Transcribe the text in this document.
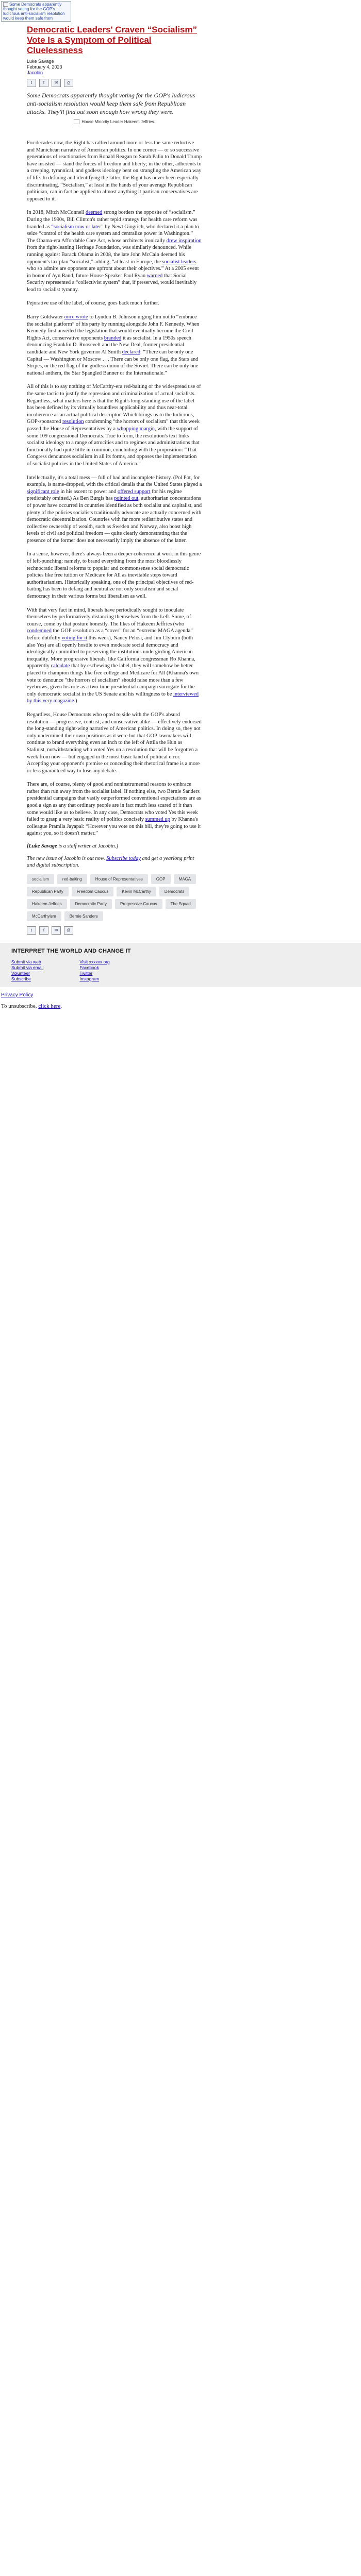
Some Democrats apparently thought voting for the GOP's ludicrous anti-socialism resolution would keep them safe from
Democratic Leaders' Craven “Socialism” Vote Is a Symptom of Political Cluelessness
Luke Savage
February 4, 2023
Jacobin
t	f	✉	⎙
Some Democrats apparently thought voting for the GOP's ludicrous anti-socialism resolution would keep them safe from Republican attacks. They'll find out soon enough how wrong they were.
House Minority Leader Hakeem Jeffries.

For decades now, the Right has rallied around more or less the same reductive and Manichean narrative of American politics. In one corner — or so successive generations of reactionaries from Ronald Reagan to Sarah Palin to Donald Trump have insisted — stand the forces of freedom and liberty; in the other, adherents to a creeping, tyrannical, and godless ideology bent on strangling the American way of life. In defining and identifying the latter, the Right has never been especially discriminating. “Socialism,” at least in the hands of your average Republican politician, can in fact be applied to almost anything it partisan conservatives are opposed to it.

In 2018, Mitch McConnell deemed strong borders the opposite of “socialism.” During the 1990s, Bill Clinton's rather tepid strategy for health care reform was branded as “socialism now or later” by Newt Gingrich, who declared it a plan to seize “control of the health care system and centralize power in Washington.” The Obama-era Affordable Care Act, whose architects ironically drew inspiration from the right-leaning Heritage Foundation, was similarly denounced. While running against Barack Obama in 2008, the late John McCain deemed his opponent's tax plan “socialist,” adding, “at least in Europe, the socialist leaders who so admire are opponent are upfront about their objectives.” At a 2005 event in honor of Ayn Rand, future House Speaker Paul Ryan warned that Social Security represented a “collectivist system” that, if preserved, would inevitably lead to socialist tyranny.

Pejorative use of the label, of course, goes back much further.

Barry Goldwater once wrote to Lyndon B. Johnson urging him not to “embrace the socialist platform” of his party by running alongside John F. Kennedy. When Kennedy first unveiled the legislation that would eventually become the Civil Rights Act, conservative opponents branded it as socialist. In a 1950s speech denouncing Franklin D. Roosevelt and the New Deal, former presidential candidate and New York governor Al Smith declared: “There can be only one Capital — Washington or Moscow . . . There can be only one flag, the Stars and Stripes, or the red flag of the godless union of the Soviet. There can be only one national anthem, the Star Spangled Banner or the Internationale.”

All of this is to say nothing of McCarthy-era red-baiting or the widespread use of the same tactic to justify the repression and criminalization of actual socialists. Regardless, what matters here is that the Right's long-standing use of the label has been defined by its virtually boundless applicability and thus near-total incoherence as an actual political descriptor. Which brings us to the ludicrous, GOP-sponsored resolution condemning “the horrors of socialism” that this week passed the House of Representatives by a whopping margin, with the support of some 109 congressional Democrats. True to form, the resolution's text links socialist ideology to a range of atrocities and to regimes and administrations that functionally had quite little in common, concluding with the proposition: “That Congress denounces socialism in all its forms, and opposes the implementation of socialist policies in the United States of America.”

Intellectually, it's a total mess — full of bad and incomplete history. (Pol Pot, for example, is name-dropped, with the critical details that the United States played a significant role in his ascent to power and offered support for his regime predictably omitted.) As Ben Burgis has pointed out, authoritarian concentrations of power have occurred in countries identified as both socialist and capitalist, and plenty of the policies socialists traditionally advocate are actually concerned with democratic decentralization. Countries with far more redistributive states and collective ownership of wealth, such as Sweden and Norway, also boast high levels of civil and political freedom — quite clearly demonstrating that the presence of the former does not necessarily imply the absence of the latter.

In a sense, however, there's always been a deeper coherence at work in this genre of left-punching: namely, to brand everything from the most bloodlessly technocratic liberal reforms to popular and commonsense social democratic policies like free tuition or Medicare for All as inevitable steps toward authoritarianism. Historically speaking, one of the principal objectives of red-baiting has been to defang and neutralize not only socialism and social democracy in their various forms but liberalism as well.

With that very fact in mind, liberals have periodically sought to inoculate themselves by performatively distancing themselves from the Left. Some, of course, come by that posture honestly. The likes of Hakeem Jeffries (who condemned the GOP resolution as a “cover” for an “extreme MAGA agenda” before dutifully voting for it this week), Nancy Pelosi, and Jim Clyburn (both also Yes) are all openly hostile to even moderate social democracy and ideologically committed to preserving the institutions undergirding American inequality. More progressive liberals, like California congressman Ro Khanna, apparently calculate that by eschewing the label, they will somehow be better placed to champion things like free college and Medicare for All (Khanna's own vote to denounce “the horrors of socialism” should raise more than a few eyebrows, given his role as a two-time presidential campaign surrogate for the only democratic socialist in the US Senate and his willingness to be interviewed by this very magazine.)

Regardless, House Democrats who opted to side with the GOP's absurd resolution — progressive, centrist, and conservative alike — effectively endorsed the long-standing right-wing narrative of American politics. In doing so, they not only undermined their own positions as it were but that GOP lawmakers will continue to brand everything even an inch to the left of Attila the Hun as Stalinist, notwithstanding who voted Yes on a resolution that will be forgotten a week from now — but engaged in the most basic kind of political error. Accepting your opponent's premise or conceding their rhetorical frame is a more or less guaranteed way to lose any debate.

There are, of course, plenty of good and noninstrumental reasons to embrace rather than run away from the socialist label. If nothing else, two Bernie Sanders presidential campaigns that vastly outperformed conventional expectations are as good a sign as any that ordinary people are in fact much less scared of it than some would like us to believe. In any case, Democrats who voted Yes this week failed to grasp a very basic reality of politics concisely summed up by Khanna's colleague Pramila Jayapal: “However you vote on this bill, they're going to use it against you, so it doesn't matter.”

[Luke Savage is a staff writer at Jacobin.]

The new issue of Jacobin is out now. Subscribe today and get a yearlong print and digital subscription.

socialism	red-baiting	House of Representatives	GOP	MAGA
Republican Party	Freedom Caucus	Kevin McCarthy	Democrats
Hakeem Jeffries	Democratic Party	Progressive Caucus	The Squad
McCarthyism	Bernie Sanders
t	f	✉	⎙
INTERPRET THE WORLD AND CHANGE IT
Submit via web
Submit via email
Volunteer
Subscribe
Visit xxxxxx.org
Facebook
Twitter
Instagram
Privacy Policy
To unsubscribe, click here.
